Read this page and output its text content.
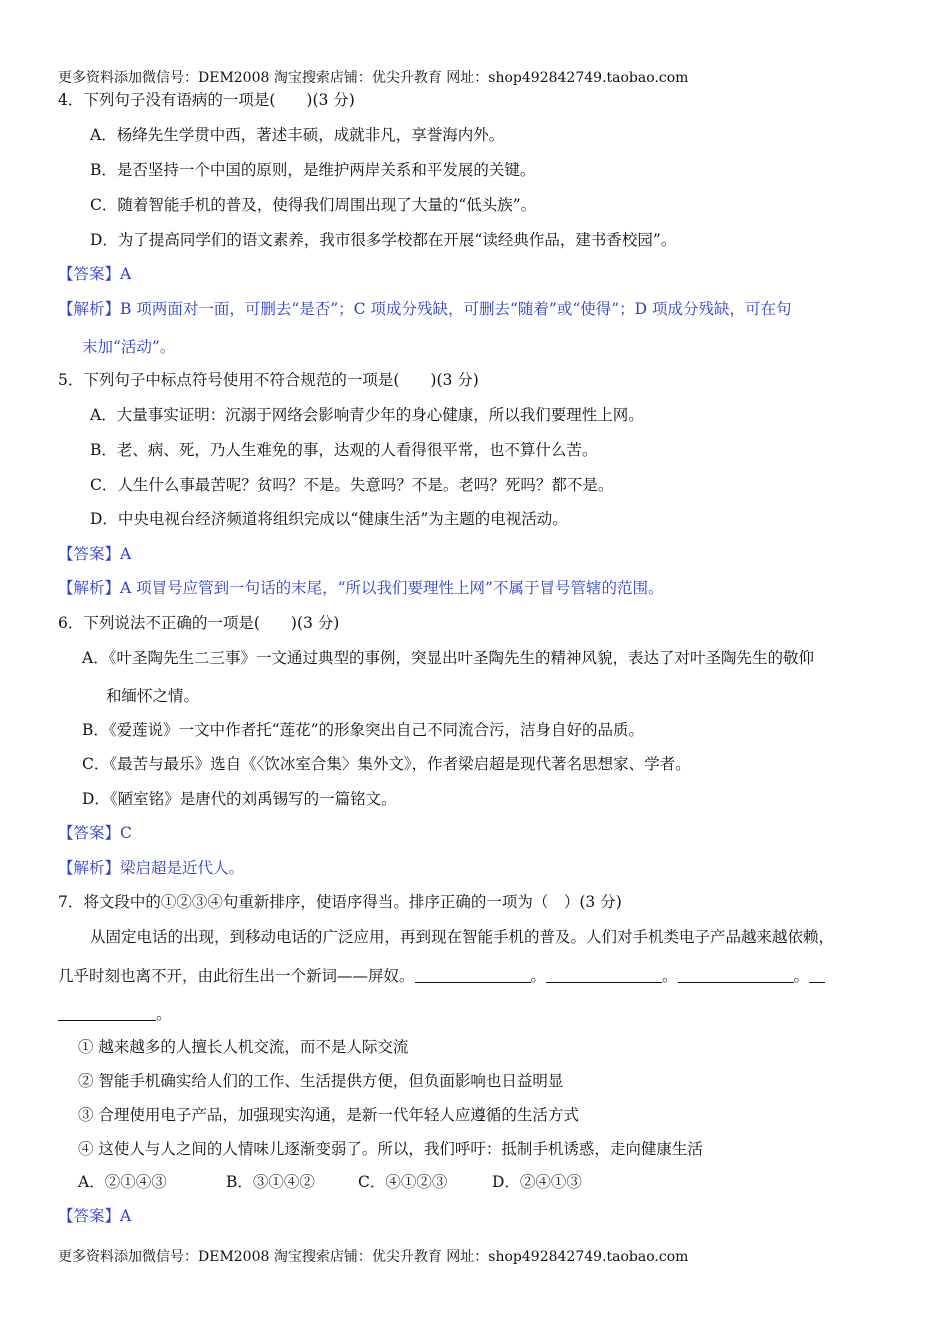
更多资料添加微信号：DEM2008 淘宝搜索店铺：优尖升教育 网址：shop492842749.taobao.com
4．下列句子没有语病的一项是(　　)(3 分)
A．杨绛先生学贯中西，著述丰硕，成就非凡，享誉海内外。
B．是否坚持一个中国的原则，是维护两岸关系和平发展的关键。
C．随着智能手机的普及，使得我们周围出现了大量的“低头族”。
D．为了提高同学们的语文素养，我市很多学校都在开展“读经典作品，建书香校园”。
【答案】A
【解析】B 项两面对一面，可删去“是否”；C 项成分残缺，可删去“随着”或“使得”；D 项成分残缺，可在句
末加“活动”。
5．下列句子中标点符号使用不符合规范的一项是(　　)(3 分)
A．大量事实证明：沉溺于网络会影响青少年的身心健康，所以我们要理性上网。
B．老、病、死，乃人生难免的事，达观的人看得很平常，也不算什么苦。
C．人生什么事最苦呢？贫吗？不是。失意吗？不是。老吗？死吗？都不是。
D．中央电视台经济频道将组织完成以“健康生活”为主题的电视活动。
【答案】A
【解析】A 项冒号应管到一句话的末尾，“所以我们要理性上网”不属于冒号管辖的范围。
6．下列说法不正确的一项是(　　)(3 分)
A．《叶圣陶先生二三事》一文通过典型的事例，突显出叶圣陶先生的精神风貌，表达了对叶圣陶先生的敬仰
和缅怀之情。
B．《爱莲说》一文中作者托“莲花”的形象突出自己不同流合污，洁身自好的品质。
C．《最苦与最乐》选自《〈饮冰室合集〉集外文》，作者梁启超是现代著名思想家、学者。
D．《陋室铭》是唐代的刘禹锡写的一篇铭文。
【答案】C
【解析】梁启超是近代人。
7．将文段中的①②③④句重新排序，使语序得当。排序正确的一项为（　）(3 分)
从固定电话的出现，到移动电话的广泛应用，再到现在智能手机的普及。人们对手机类电子产品越来越依赖，
几乎时刻也离不开，由此衍生出一个新词——屏奴。	。	。	。
。
① 越来越多的人擅长人机交流，而不是人际交流
② 智能手机确实给人们的工作、生活提供方便，但负面影响也日益明显
③ 合理使用电子产品，加强现实沟通，是新一代年轻人应遵循的生活方式
④ 这使人与人之间的人情味儿逐渐变弱了。所以，我们呼吁：抵制手机诱惑，走向健康生活
A．②①④③	B．③①④②	C．④①②③	D．②④①③
【答案】A
更多资料添加微信号：DEM2008 淘宝搜索店铺：优尖升教育 网址：shop492842749.taobao.com
